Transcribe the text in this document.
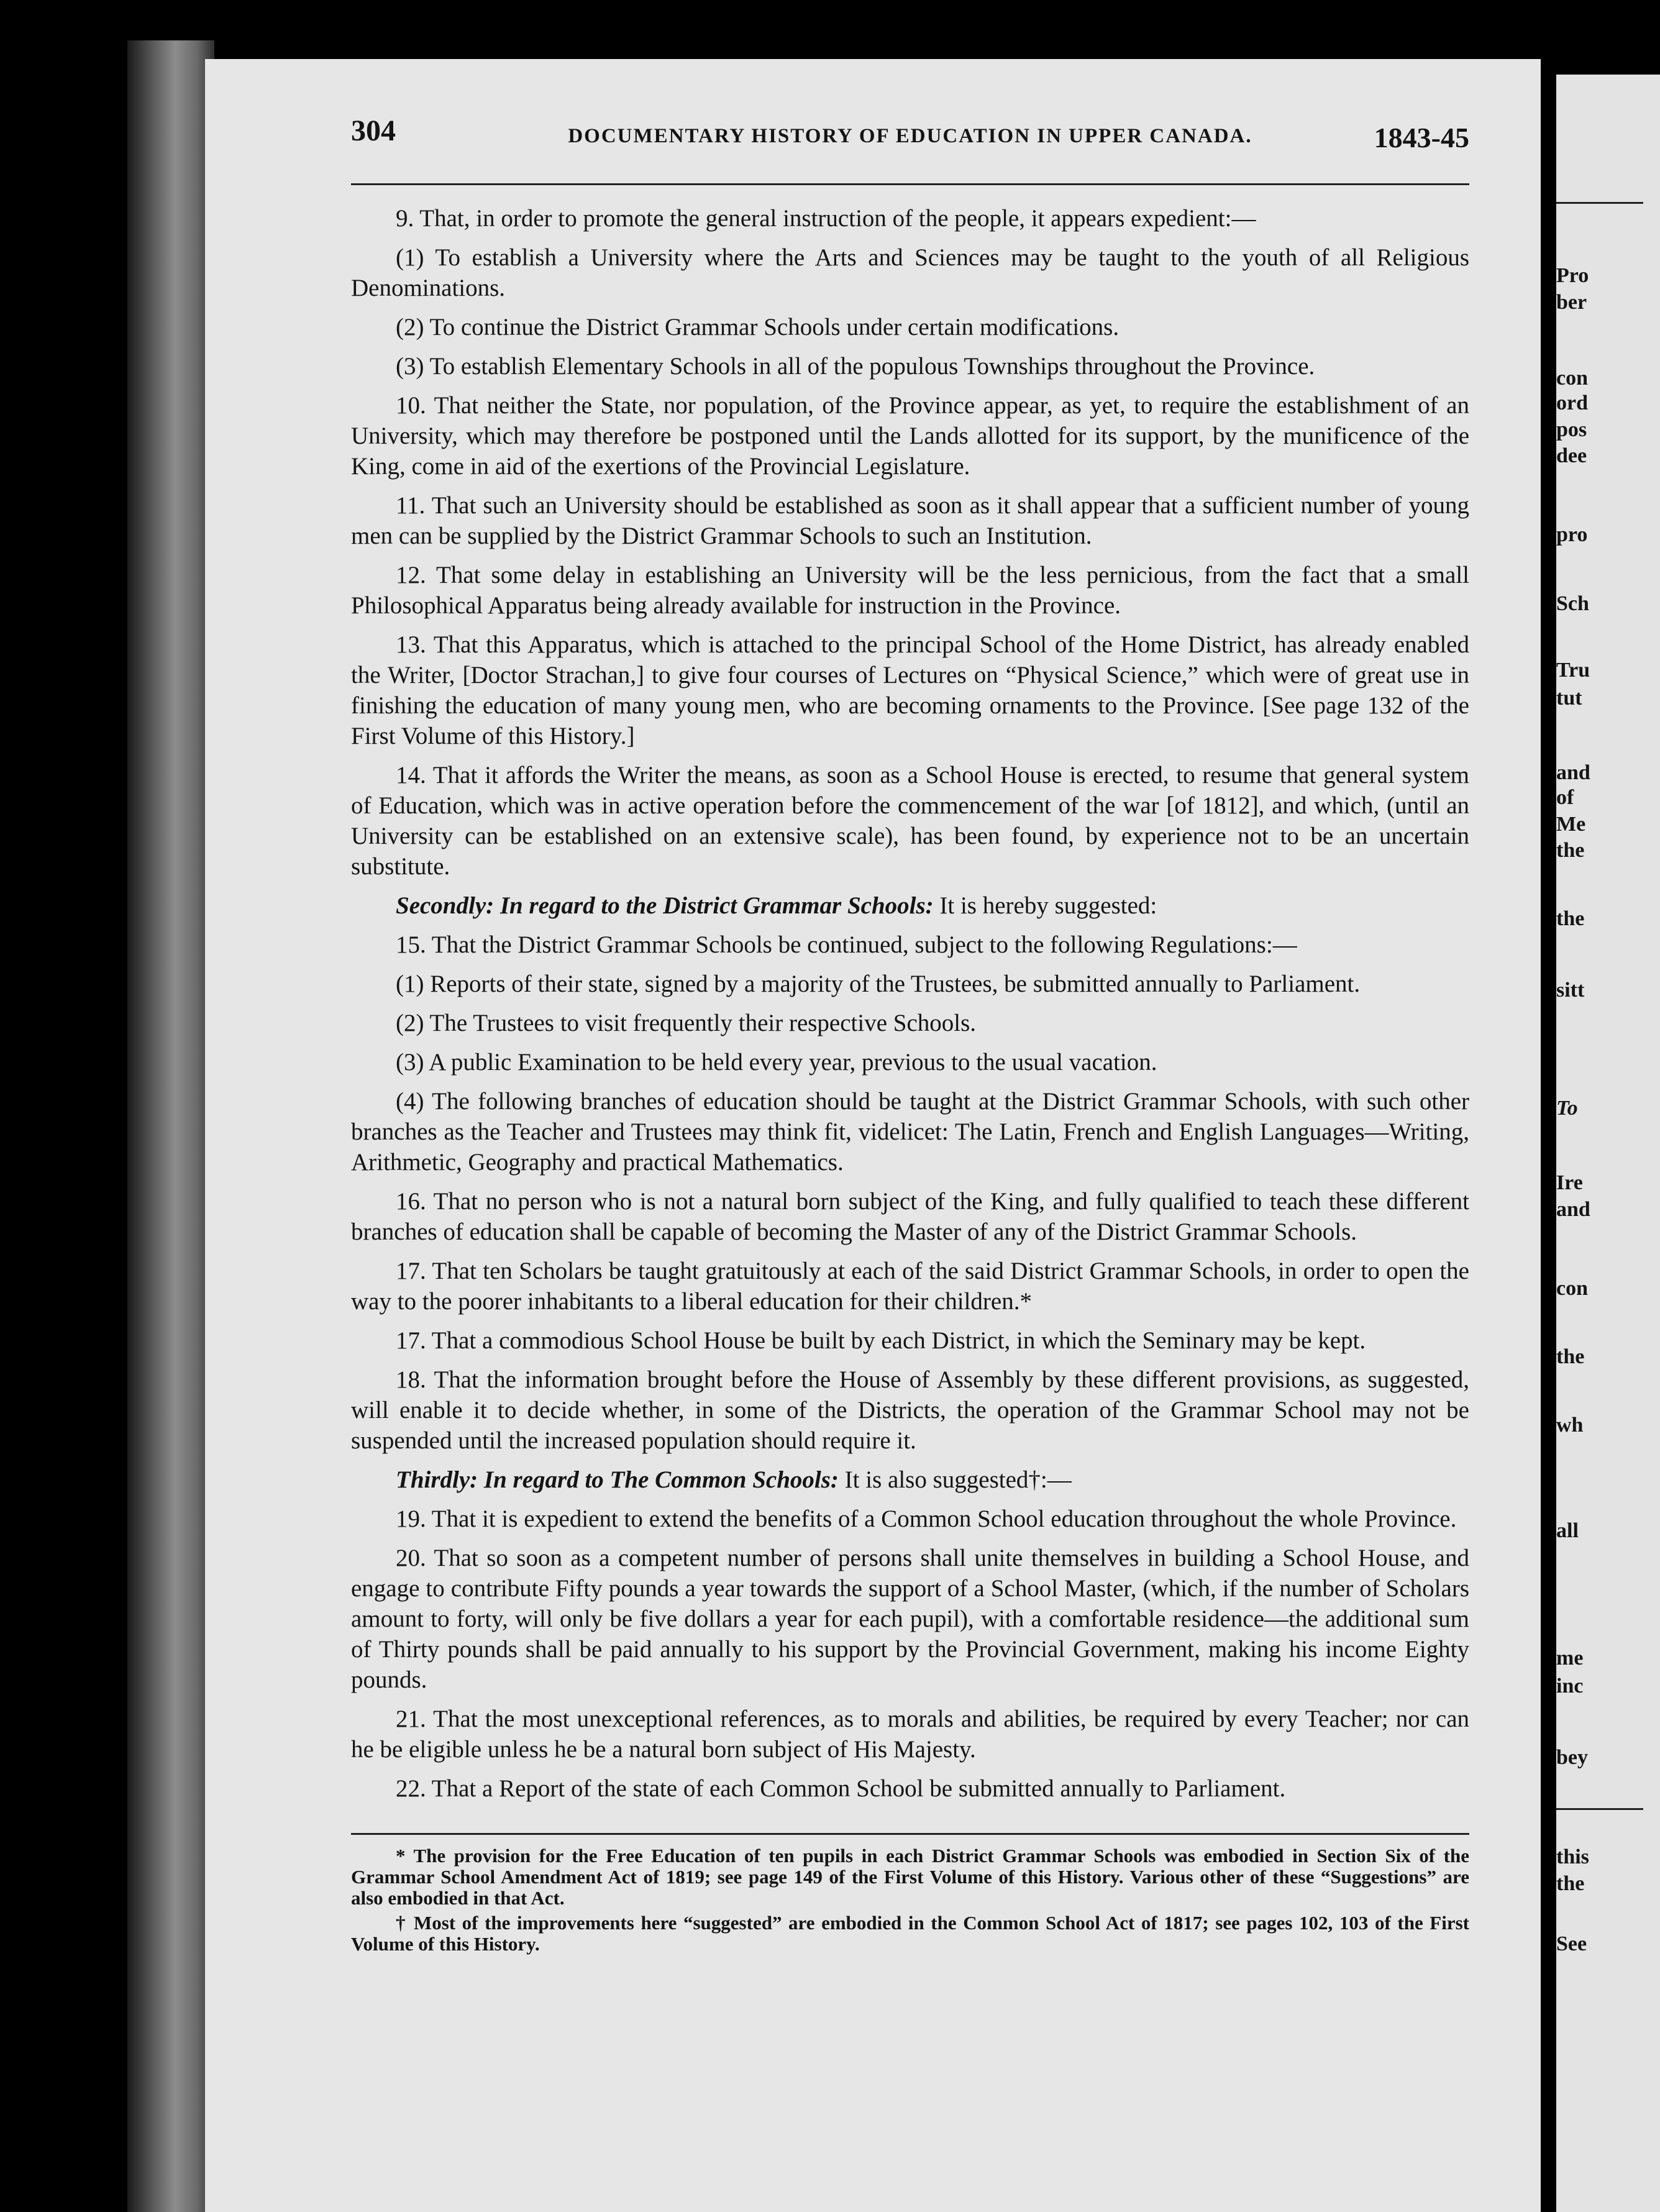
304	DOCUMENTARY HISTORY OF EDUCATION IN UPPER CANADA.	1843-45

9. That, in order to promote the general instruction of the people, it appears expedient:—

(1) To establish a University where the Arts and Sciences may be taught to the youth of all Religious Denominations.

(2) To continue the District Grammar Schools under certain modifications.

(3) To establish Elementary Schools in all of the populous Townships throughout the Province.

10. That neither the State, nor population, of the Province appear, as yet, to require the establishment of an University, which may therefore be postponed until the Lands allotted for its support, by the munificence of the King, come in aid of the exertions of the Provincial Legislature.

11. That such an University should be established as soon as it shall appear that a sufficient number of young men can be supplied by the District Grammar Schools to such an Institution.

12. That some delay in establishing an University will be the less pernicious, from the fact that a small Philosophical Apparatus being already available for instruction in the Province.

13. That this Apparatus, which is attached to the principal School of the Home District, has already enabled the Writer, [Doctor Strachan,] to give four courses of Lectures on “Physical Science,” which were of great use in finishing the education of many young men, who are becoming ornaments to the Province. [See page 132 of the First Volume of this History.]

14. That it affords the Writer the means, as soon as a School House is erected, to resume that general system of Education, which was in active operation before the commencement of the war [of 1812], and which, (until an University can be established on an extensive scale), has been found, by experience not to be an uncertain substitute.

Secondly: In regard to the District Grammar Schools: It is hereby suggested:

15. That the District Grammar Schools be continued, subject to the following Regulations:—

(1) Reports of their state, signed by a majority of the Trustees, be submitted annually to Parliament.

(2) The Trustees to visit frequently their respective Schools.

(3) A public Examination to be held every year, previous to the usual vacation.

(4) The following branches of education should be taught at the District Grammar Schools, with such other branches as the Teacher and Trustees may think fit, videlicet: The Latin, French and English Languages—Writing, Arithmetic, Geography and practical Mathematics.

16. That no person who is not a natural born subject of the King, and fully qualified to teach these different branches of education shall be capable of becoming the Master of any of the District Grammar Schools.

17. That ten Scholars be taught gratuitously at each of the said District Grammar Schools, in order to open the way to the poorer inhabitants to a liberal education for their children.*

17. That a commodious School House be built by each District, in which the Seminary may be kept.

18. That the information brought before the House of Assembly by these different provisions, as suggested, will enable it to decide whether, in some of the Districts, the operation of the Grammar School may not be suspended until the increased population should require it.

Thirdly: In regard to The Common Schools: It is also suggested†:—

19. That it is expedient to extend the benefits of a Common School education throughout the whole Province.

20. That so soon as a competent number of persons shall unite themselves in building a School House, and engage to contribute Fifty pounds a year towards the support of a School Master, (which, if the number of Scholars amount to forty, will only be five dollars a year for each pupil), with a comfortable residence—the additional sum of Thirty pounds shall be paid annually to his support by the Provincial Government, making his income Eighty pounds.

21. That the most unexceptional references, as to morals and abilities, be required by every Teacher; nor can he be eligible unless he be a natural born subject of His Majesty.

22. That a Report of the state of each Common School be submitted annually to Parliament.

* The provision for the Free Education of ten pupils in each District Grammar Schools was embodied in Section Six of the Grammar School Amendment Act of 1819; see page 149 of the First Volume of this History. Various other of these “Suggestions” are also embodied in that Act.

† Most of the improvements here “suggested” are embodied in the Common School Act of 1817; see pages 102, 103 of the First Volume of this History.

Pro
ber
con
ord
pos
dee
pro
Sch
Tru
tut
and
of
Me
the
the
sitt
To
Ire
and
con
the
wh
all
me
inc
bey
this
the
See
